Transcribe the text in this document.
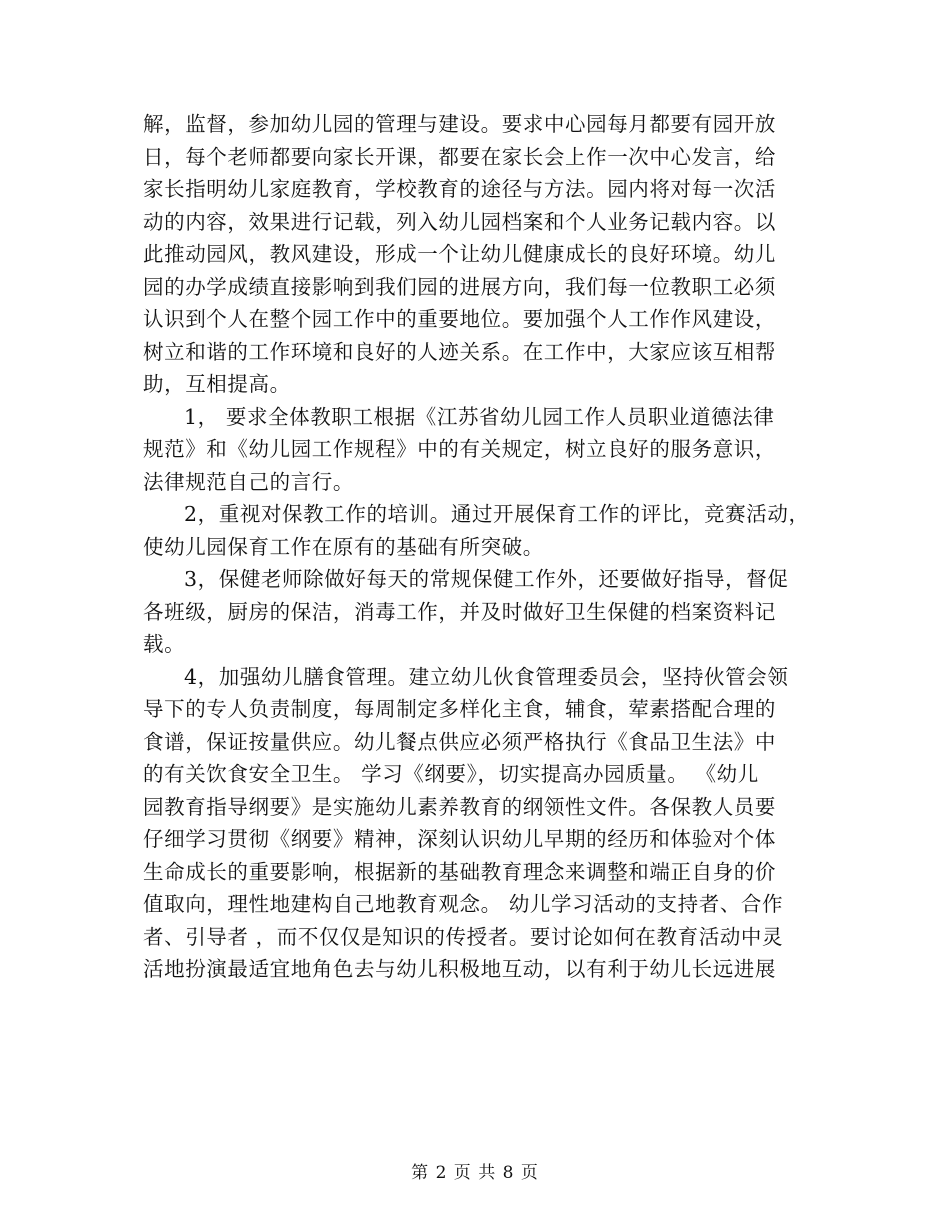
解，监督，参加幼儿园的管理与建设。要求中心园每月都要有园开放
日，每个老师都要向家长开课，都要在家长会上作一次中心发言，给
家长指明幼儿家庭教育，学校教育的途径与方法。园内将对每一次活
动的内容，效果进行记载，列入幼儿园档案和个人业务记载内容。以
此推动园风，教风建设，形成一个让幼儿健康成长的良好环境。幼儿
园的办学成绩直接影响到我们园的进展方向，我们每一位教职工必须
认识到个人在整个园工作中的重要地位。要加强个人工作作风建设，
树立和谐的工作环境和良好的人迹关系。在工作中，大家应该互相帮
助，互相提高。
1， 要求全体教职工根据《江苏省幼儿园工作人员职业道德法律
规范》和《幼儿园工作规程》中的有关规定，树立良好的服务意识，
法律规范自己的言行。
2，重视对保教工作的培训。通过开展保育工作的评比，竞赛活动，
使幼儿园保育工作在原有的基础有所突破。
3，保健老师除做好每天的常规保健工作外，还要做好指导，督促
各班级，厨房的保洁，消毒工作，并及时做好卫生保健的档案资料记
载。
4，加强幼儿膳食管理。建立幼儿伙食管理委员会，坚持伙管会领
导下的专人负责制度，每周制定多样化主食，辅食，荤素搭配合理的
食谱，保证按量供应。幼儿餐点供应必须严格执行《食品卫生法》中
的有关饮食安全卫生。 学习《纲要》，切实提高办园质量。 《幼儿
园教育指导纲要》是实施幼儿素养教育的纲领性文件。各保教人员要
仔细学习贯彻《纲要》精神，深刻认识幼儿早期的经历和体验对个体
生命成长的重要影响，根据新的基础教育理念来调整和端正自身的价
值取向，理性地建构自己地教育观念。 幼儿学习活动的支持者、合作
者、引导者 ，而不仅仅是知识的传授者。要讨论如何在教育活动中灵
活地扮演最适宜地角色去与幼儿积极地互动，以有利于幼儿长远进展
第 2 页 共 8 页
